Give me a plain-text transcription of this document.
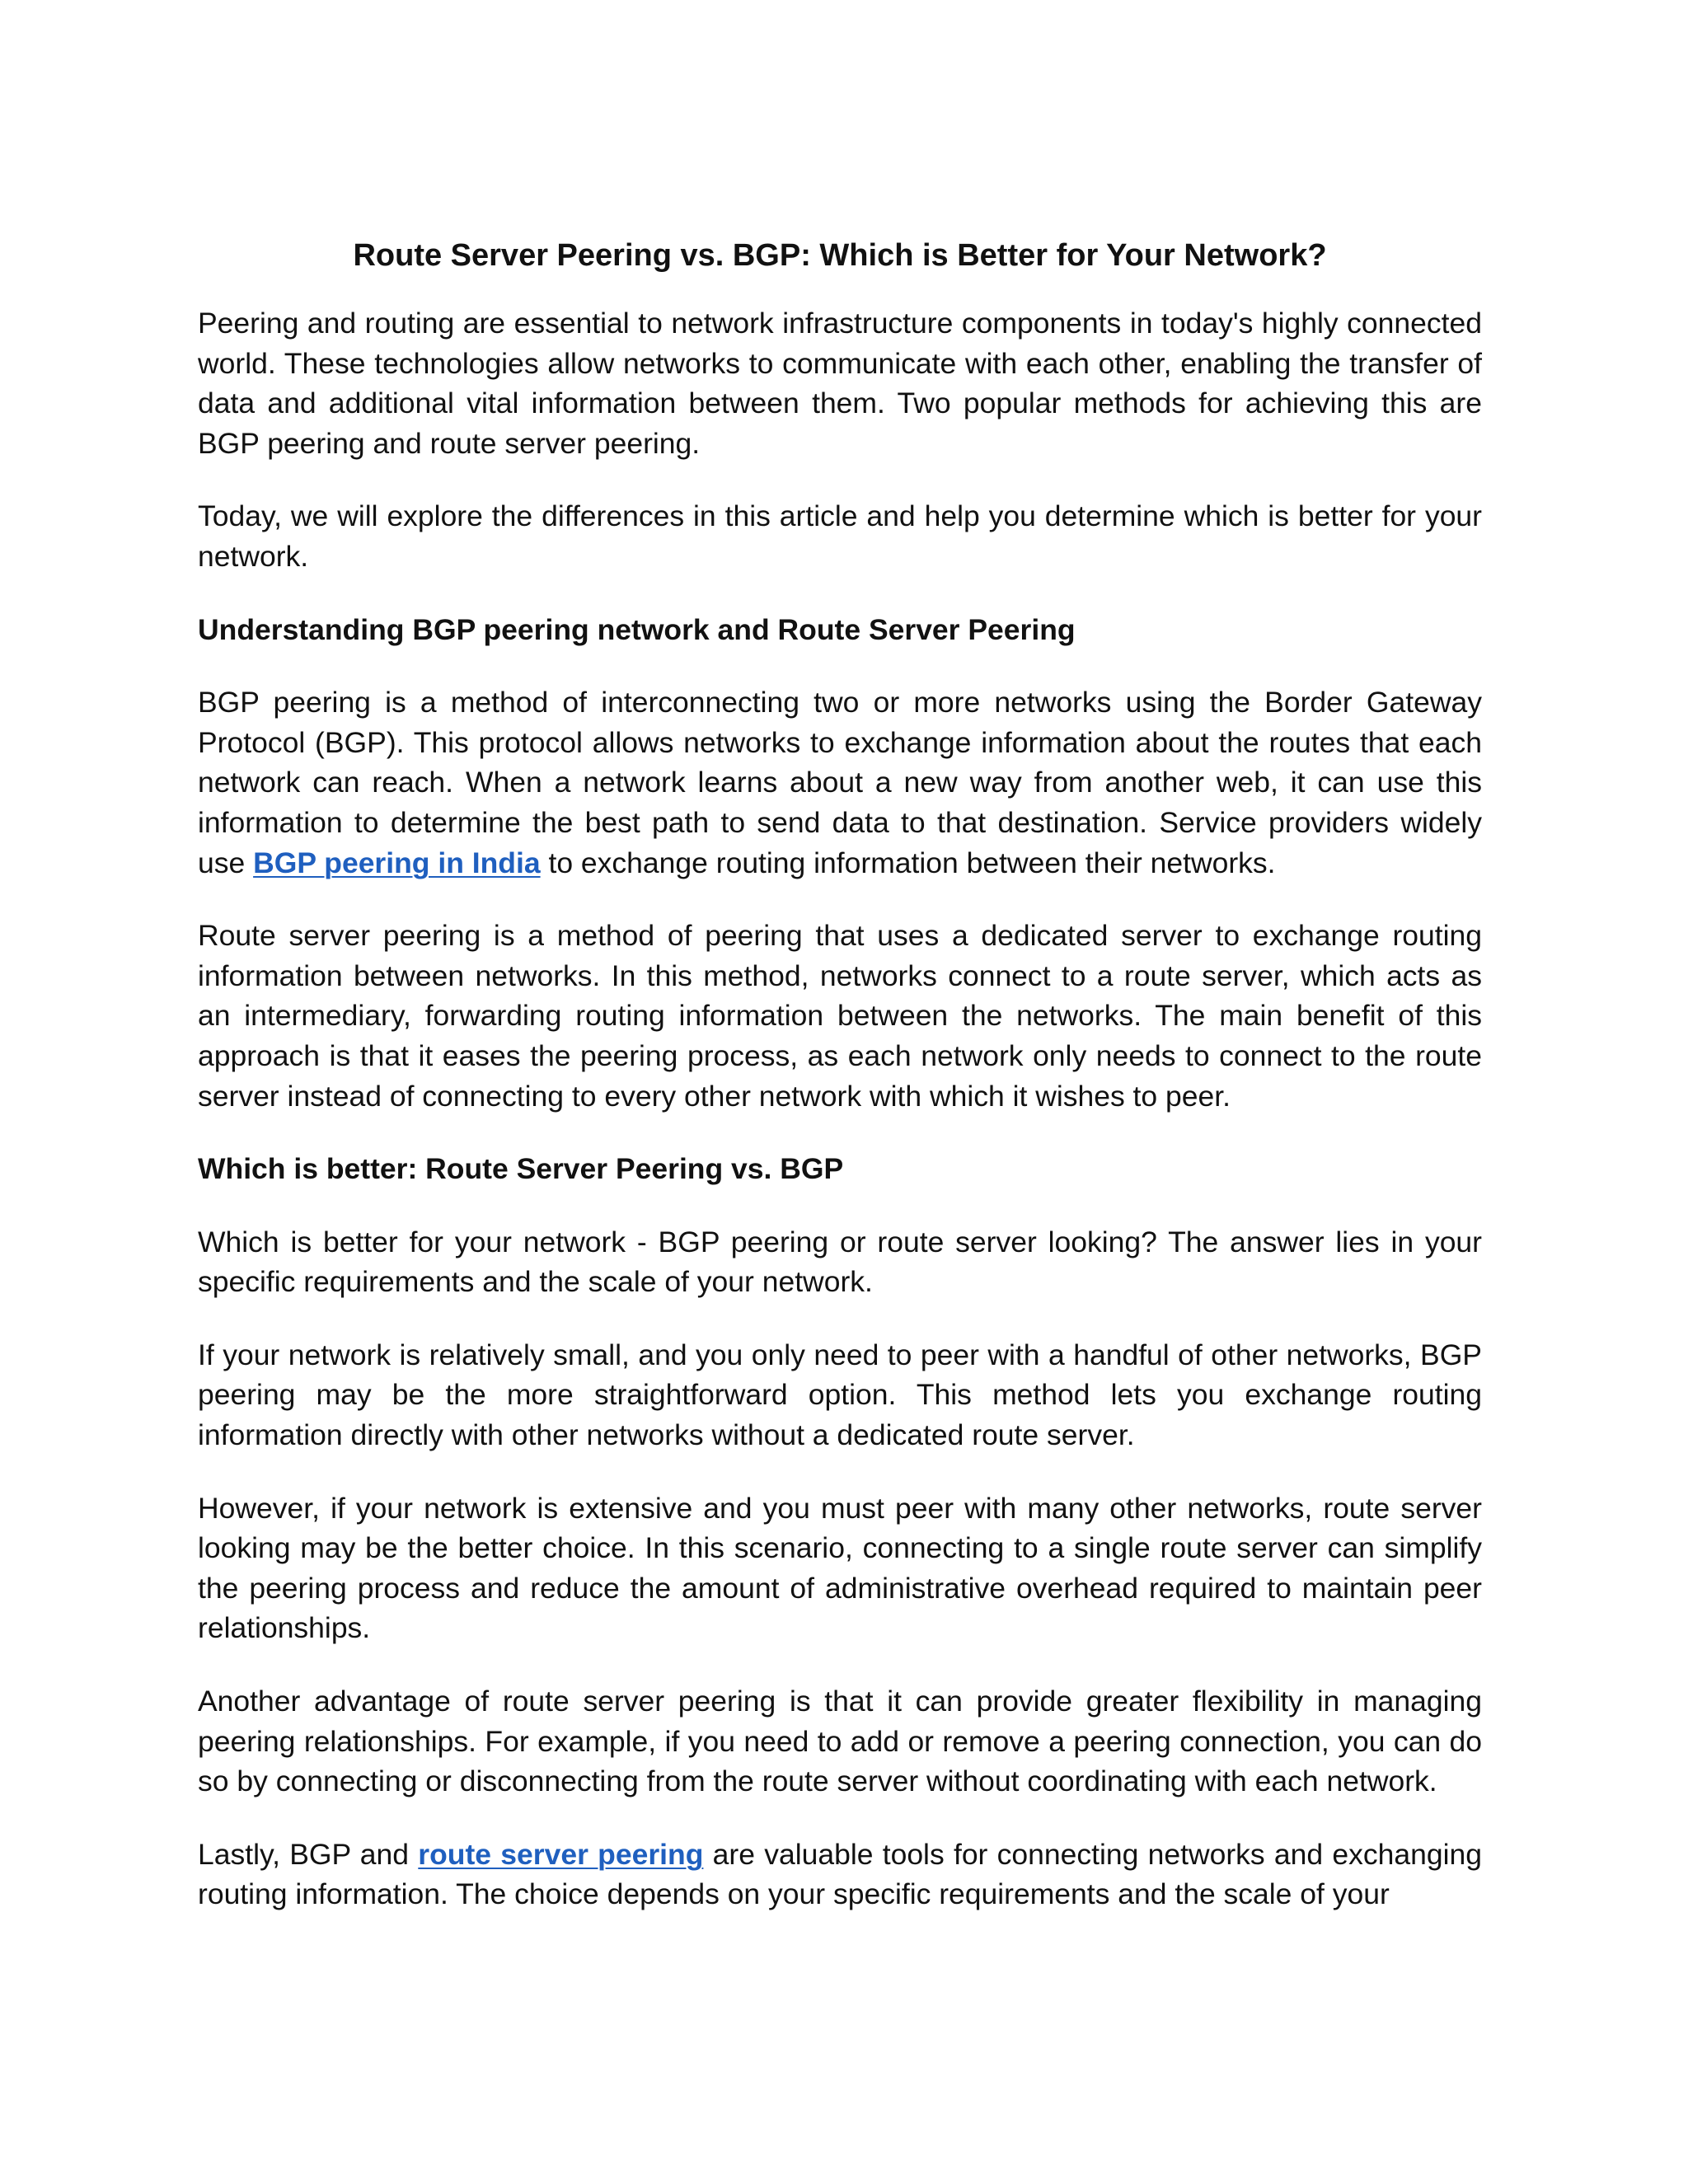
Route Server Peering vs. BGP: Which is Better for Your Network?

Peering and routing are essential to network infrastructure components in today's highly connected world. These technologies allow networks to communicate with each other, enabling the transfer of data and additional vital information between them. Two popular methods for achieving this are BGP peering and route server peering.

Today, we will explore the differences in this article and help you determine which is better for your network.

Understanding BGP peering network and Route Server Peering

BGP peering is a method of interconnecting two or more networks using the Border Gateway Protocol (BGP). This protocol allows networks to exchange information about the routes that each network can reach. When a network learns about a new way from another web, it can use this information to determine the best path to send data to that destination. Service providers widely use BGP peering in India to exchange routing information between their networks.

Route server peering is a method of peering that uses a dedicated server to exchange routing information between networks. In this method, networks connect to a route server, which acts as an intermediary, forwarding routing information between the networks. The main benefit of this approach is that it eases the peering process, as each network only needs to connect to the route server instead of connecting to every other network with which it wishes to peer.

Which is better: Route Server Peering vs. BGP

Which is better for your network - BGP peering or route server looking? The answer lies in your specific requirements and the scale of your network.

If your network is relatively small, and you only need to peer with a handful of other networks, BGP peering may be the more straightforward option. This method lets you exchange routing information directly with other networks without a dedicated route server.

However, if your network is extensive and you must peer with many other networks, route server looking may be the better choice. In this scenario, connecting to a single route server can simplify the peering process and reduce the amount of administrative overhead required to maintain peer relationships.

Another advantage of route server peering is that it can provide greater flexibility in managing peering relationships. For example, if you need to add or remove a peering connection, you can do so by connecting or disconnecting from the route server without coordinating with each network.

Lastly, BGP and route server peering are valuable tools for connecting networks and exchanging routing information. The choice depends on your specific requirements and the scale of your
